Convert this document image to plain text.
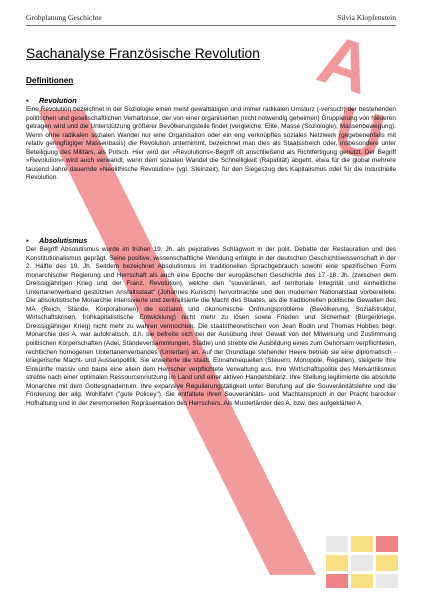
A
U
Grobplanung Geschichte	Silvia Klopfenstein
Sachanalyse Französische Revolution
Definitionen
▪ Revolution
Eine Revolution bezeichnet in der Soziologie einen meist gewalttätigen und immer radikalen Umsturz (-versuch) der bestehenden politischen und gesellschaftlichen Verhältnisse, der von einer organisierten (nicht notwendig geheimen) Gruppierung von Neueren getragen wird und die Unterstützung größerer Bevölkerungsteile findet (vergleiche: Elite, Masse (Soziologie), Massenbewegung). Wenn ohne radikalen sozialen Wandel nur eine Organisation oder ein eng verknüpftes soziales Netzwerk (gegebenenfalls mit relativ geringfügiger Massenbasis) die Revolution unternimmt, bezeichnet man dies als Staatsstreich oder, insbesondere unter Beteiligung des Militärs, als Putsch. Hier wird der »Revolutions«-Begriff oft anschließend als Richtfertigung genutzt. Der Begriff »Revolution« wird auch verwandt, wenn dem sozialen Wandel die Schnelligkeit (Rapidität) abgeht, etwa für die global mehrere tausend Jahre dauernde »Neolithische Revolution« (vgl. Steinzeit), für den Siegeszug des Kapitalismus oder für die Industrielle Revolution.
▪ Absolutismus
Der Begriff Absolutismus wurde im frühen 19. Jh. als pejoratives Schlagwort in der polit. Debatte der Restauration und des Konstitutionalismus geprägt. Seine positive, wissenschaftliche Wendung erfolgte in der deutschen Geschichtswissenschaft in der 2. Hälfte des 19. Jh. Seitdem bezeichnet Absolutismus im traditionellen Sprachgebrauch sowohl eine spezifischen Form monarchischer Regierung und Herrschaft als auch eine Epoche der europäischen Geschichte des 17.-18. Jh. (zwischen dem Dreissigjährigen Krieg und der Franz. Revolution), welche den "souveränen, auf territoriale Integrität und einheitliche Untertanenverband gestützten Anstaltsstaat" (Johannes Kunisch) hervorbrachte und den modernen Nationalstaat vorbereitete. Die absolutistische Monarchie intensivierte und zentralisierte die Macht des Staates, als die traditionellen politische Gewalten des MA (Reich, Stände, Korporationen) die sozialen und ökonomische Ordnungsprobleme (Bevölkerung, Sozialstruktur, Wirtschaftskrisen, frühkapitalistische Entwicklung) nicht mehr zu lösen sowie Frieden und Sicherheit (Bürgerkriege, Dreissigjähriger Krieg) nicht mehr zu wahren vermochten. Die staatstheoretischen von Jean Bodin und Thomas Hobbes begr. Monarchie des A. war autokratisch, d.h. sie befreite sich bei der Ausübung ihrer Gewalt von der Mitwirkung und Zustimmung politischen Körperschaften (Adel, Ständeversammlungen, Städte) und strebte die Ausbildung eines zum Gehorsam verpflichteten, rechtlichen homogenen Untertanenverbandes (Untertan) an. Auf der Grundlage stehender Heere betrieb sie eine diplomatisch - kriegerische Macht- und Aussenpolitik. Sie erweiterte die staatl. Einnahmequellen (Steuern, Monopole, Regalien), steigerte ihre Einkünfte massiv und baute eine allein dem Herrscher verpflichtete Verwaltung aus. Ihre Wirtschaftspolitik des Merkantilismus strebte nach einer optimalen Ressourcennutzung im Land und einer aktiven Handelsbilanz. Ihre Stellung legitimierte die absolute Monarchie mit dem Gottesgnadentum. Ihre expansive Regulierungstätigkeit unter Berufung auf die Souveränitätslehre und die Förderung der allg. Wohlfahrt ("gute Policey"). Sie entfaltete ihren Souveränitäts- und Machtanspruch in der Pracht barocker Hofhaltung und in der zeremoniellen Repräsentation des Herrschers. Als Musterländer des A. bzw. des aufgeklärten A.
